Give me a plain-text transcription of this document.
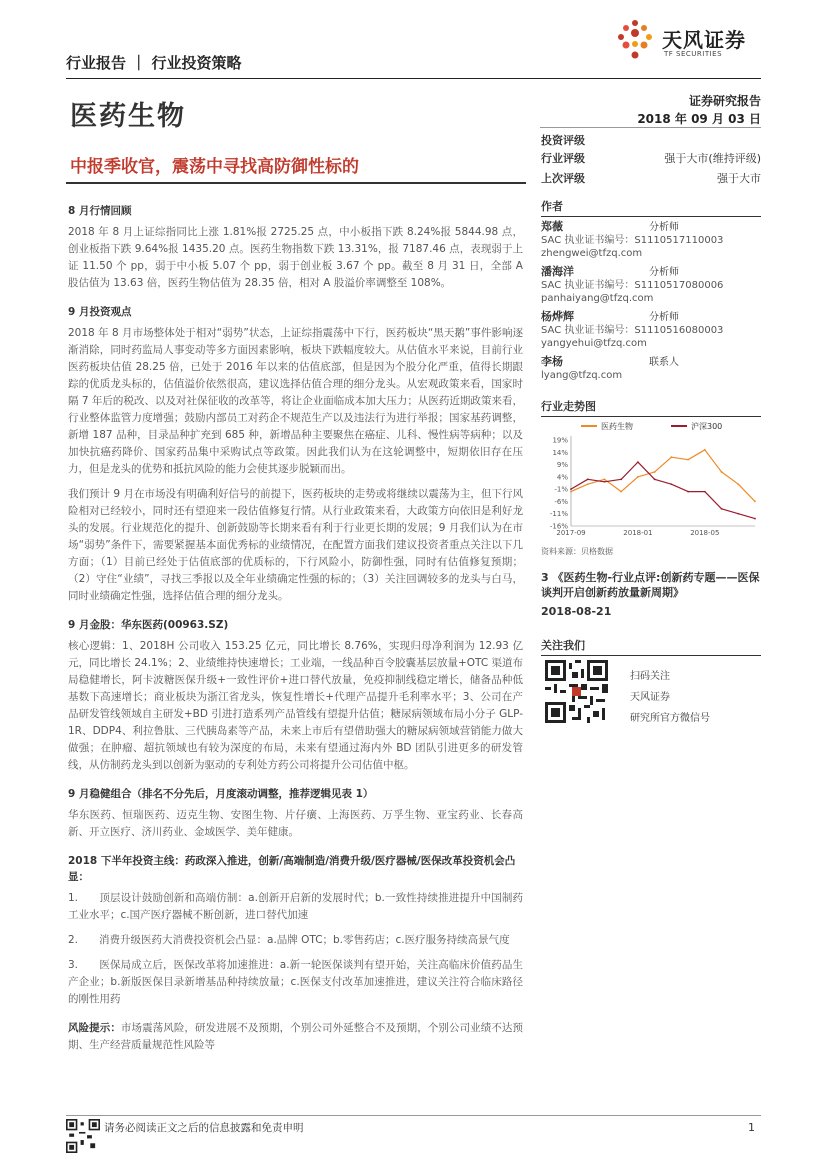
行业报告 ｜ 行业投资策略
天风证券
TF SECURITIES
医药生物	证券研究报告
2018 年 09 月 03 日
中报季收官，震荡中寻找高防御性标的
投资评级
行业评级	强于大市(维持评级)
上次评级	强于大市
作者
郑薇	分析师
SAC 执业证书编号：S1110517110003
zhengwei@tfzq.com
潘海洋	分析师
SAC 执业证书编号：S1110517080006
panhaiyang@tfzq.com
杨烨辉	分析师
SAC 执业证书编号：S1110516080003
yangyehui@tfzq.com
李杨	联系人
lyang@tfzq.com
行业走势图
19%
14%
9%
4%
-1%
-6%
-11%
-16%
2017-09	2018-01	2018-05
医药生物	沪深300
资料来源：贝格数据
3 《医药生物-行业点评:创新药专题——医保谈判开启创新药放量新周期》
2018-08-21
关注我们
扫码关注
天风证券
研究所官方微信号
8 月行情回顾
2018 年 8 月上证综指同比上涨 1.81%报 2725.25 点，中小板指下跌 8.24%报 5844.98 点，创业板指下跌 9.64%报 1435.20 点。医药生物指数下跌 13.31%，报 7187.46 点，表现弱于上证 11.50 个 pp，弱于中小板 5.07 个 pp，弱于创业板 3.67 个 pp。截至 8 月 31 日，全部 A 股估值为 13.63 倍，医药生物估值为 28.35 倍，相对 A 股溢价率调整至 108%。
9 月投资观点
2018 年 8 月市场整体处于相对“弱势”状态，上证综指震荡中下行，医药板块“黑天鹅”事件影响逐渐消除，同时药监局人事变动等多方面因素影响，板块下跌幅度较大。从估值水平来说，目前行业医药板块估值 28.25 倍，已处于 2016 年以来的估值底部，但是因为个股分化严重，值得长期跟踪的优质龙头标的，估值溢价依然很高，建议选择估值合理的细分龙头。从宏观政策来看，国家时隔 7 年后的税改、以及对社保征收的改革等，将让企业面临成本加大压力；从医药近期政策来看，行业整体监管力度增强；鼓励内部员工对药企不规范生产以及违法行为进行举报；国家基药调整，新增 187 品种，目录品种扩充到 685 种，新增品种主要聚焦在癌症、儿科、慢性病等病种；以及加快抗癌药降价、国家药品集中采购试点等政策。因此我们认为在这轮调整中，短期依旧存在压力，但是龙头的优势和抵抗风险的能力会使其逐步脱颖而出。
我们预计 9 月在市场没有明确利好信号的前提下，医药板块的走势或将继续以震荡为主，但下行风险相对已经较小，同时还有望迎来一段估值修复行情。从行业政策来看，大政策方向依旧是利好龙头的发展。行业规范化的提升、创新鼓励等长期来看有利于行业更长期的发展；9 月我们认为在市场“弱势”条件下，需要紧握基本面优秀标的业绩情况，在配置方面我们建议投资者重点关注以下几方面；（1）目前已经处于估值底部的优质标的，下行风险小，防御性强，同时有估值修复预期；（2）守住“业绩”，寻找三季报以及全年业绩确定性强的标的；（3）关注回调较多的龙头与白马，同时业绩确定性强，选择估值合理的细分龙头。
9 月金股：华东医药(00963.SZ)
核心逻辑：1、2018H 公司收入 153.25 亿元，同比增长 8.76%，实现归母净利润为 12.93 亿元，同比增长 24.1%；2、业绩维持快速增长；工业端，一线品种百令胶囊基层放量+OTC 渠道布局稳健增长，阿卡波糖医保升级+一致性评价+进口替代放量，免疫抑制线稳定增长，储备品种低基数下高速增长；商业板块为浙江省龙头，恢复性增长+代理产品提升毛利率水平；3、公司在产品研发管线领域自主研发+BD 引进打造系列产品管线有望提升估值；糖尿病领域布局小分子 GLP-1R、DDP4、利拉鲁肽、三代胰岛素等产品，未来上市后有望借助强大的糖尿病领域营销能力做大做强；在肿瘤、超抗领域也有较为深度的布局，未来有望通过海内外 BD 团队引进更多的研发管线，从仿制药龙头到以创新为驱动的专利处方药公司将提升公司估值中枢。
9 月稳健组合（排名不分先后，月度滚动调整，推荐逻辑见表 1）
华东医药、恒瑞医药、迈克生物、安图生物、片仔癀、上海医药、万孚生物、亚宝药业、长春高新、开立医疗、济川药业、金域医学、美年健康。
2018 下半年投资主线：药政深入推进，创新/高端制造/消费升级/医疗器械/医保改革投资机会凸显：
1.　　顶层设计鼓励创新和高端仿制：a.创新开启新的发展时代；b.一致性持续推进提升中国制药工业水平；c.国产医疗器械不断创新，进口替代加速
2.　　消费升级医药大消费投资机会凸显：a.品牌 OTC；b.零售药店；c.医疗服务持续高景气度
3.　　医保局成立后，医保改革将加速推进：a.新一轮医保谈判有望开始，关注高临床价值药品生产企业；b.新版医保目录新增基品种持续放量；c.医保支付改革加速推进，建议关注符合临床路径的刚性用药
风险提示：市场震荡风险，研发进展不及预期，个别公司外延整合不及预期，个别公司业绩不达预期、生产经营质量规范性风险等
请务必阅读正文之后的信息披露和免责申明	1
